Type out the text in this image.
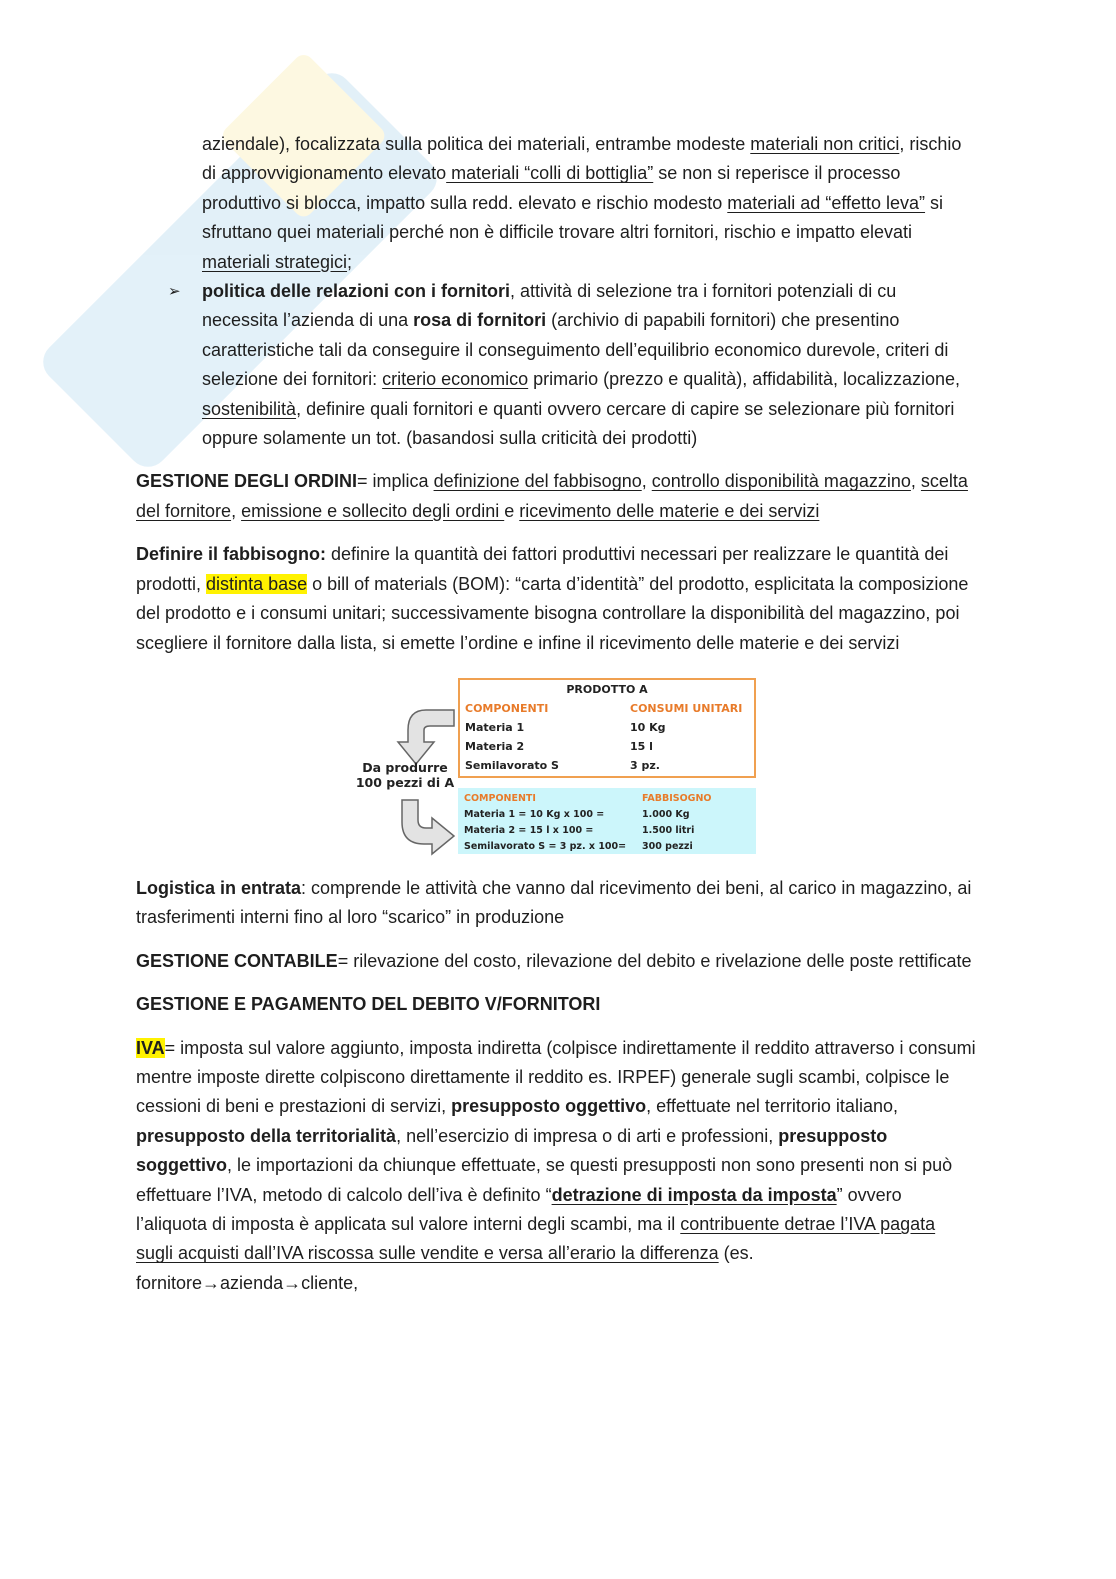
aziendale), focalizzata sulla politica dei materiali, entrambe modeste materiali non critici, rischio di approvvigionamento elevato materiali “colli di bottiglia” se non si reperisce il processo produttivo si blocca, impatto sulla redd. elevato e rischio modesto materiali ad “effetto leva” si sfruttano quei materiali perché non è difficile trovare altri fornitori, rischio e impatto elevati materiali strategici;

➢ politica delle relazioni con i fornitori, attività di selezione tra i fornitori potenziali di cu necessita l’azienda di una rosa di fornitori (archivio di papabili fornitori) che presentino caratteristiche tali da conseguire il conseguimento dell’equilibrio economico durevole, criteri di selezione dei fornitori: criterio economico primario (prezzo e qualità), affidabilità, localizzazione, sostenibilità, definire quali fornitori e quanti ovvero cercare di capire se selezionare più fornitori oppure solamente un tot. (basandosi sulla criticità dei prodotti)

GESTIONE DEGLI ORDINI= implica definizione del fabbisogno, controllo disponibilità magazzino, scelta del fornitore, emissione e sollecito degli ordini e ricevimento delle materie e dei servizi

Definire il fabbisogno: definire la quantità dei fattori produttivi necessari per realizzare le quantità dei prodotti, distinta base o bill of materials (BOM): “carta d’identità” del prodotto, esplicitata la composizione del prodotto e i consumi unitari; successivamente bisogna controllare la disponibilità del magazzino, poi scegliere il fornitore dalla lista, si emette l’ordine e infine il ricevimento delle materie e dei servizi

Da produrre
100 pezzi di A
PRODOTTO A
COMPONENTI	CONSUMI UNITARI
Materia 1	10 Kg
Materia 2	15 l
Semilavorato S	3 pz.
COMPONENTI	FABBISOGNO
Materia 1 = 10 Kg x 100 =	1.000 Kg
Materia 2 = 15 l x 100 =	1.500 litri
Semilavorato S = 3 pz. x 100= 300 pezzi

Logistica in entrata: comprende le attività che vanno dal ricevimento dei beni, al carico in magazzino, ai trasferimenti interni fino al loro “scarico” in produzione

GESTIONE CONTABILE= rilevazione del costo, rilevazione del debito e rivelazione delle poste rettificate

GESTIONE E PAGAMENTO DEL DEBITO V/FORNITORI

IVA= imposta sul valore aggiunto, imposta indiretta (colpisce indirettamente il reddito attraverso i consumi mentre imposte dirette colpiscono direttamente il reddito es. IRPEF) generale sugli scambi, colpisce le cessioni di beni e prestazioni di servizi, presupposto oggettivo, effettuate nel territorio italiano, presupposto della territorialità, nell’esercizio di impresa o di arti e professioni, presupposto soggettivo, le importazioni da chiunque effettuate, se questi presupposti non sono presenti non si può effettuare l’IVA, metodo di calcolo dell’iva è definito “detrazione di imposta da imposta” ovvero l’aliquota di imposta è applicata sul valore interni degli scambi, ma il contribuente detrae l’IVA pagata sugli acquisti dall’IVA riscossa sulle vendite e versa all’erario la differenza (es. fornitore→azienda→cliente,
